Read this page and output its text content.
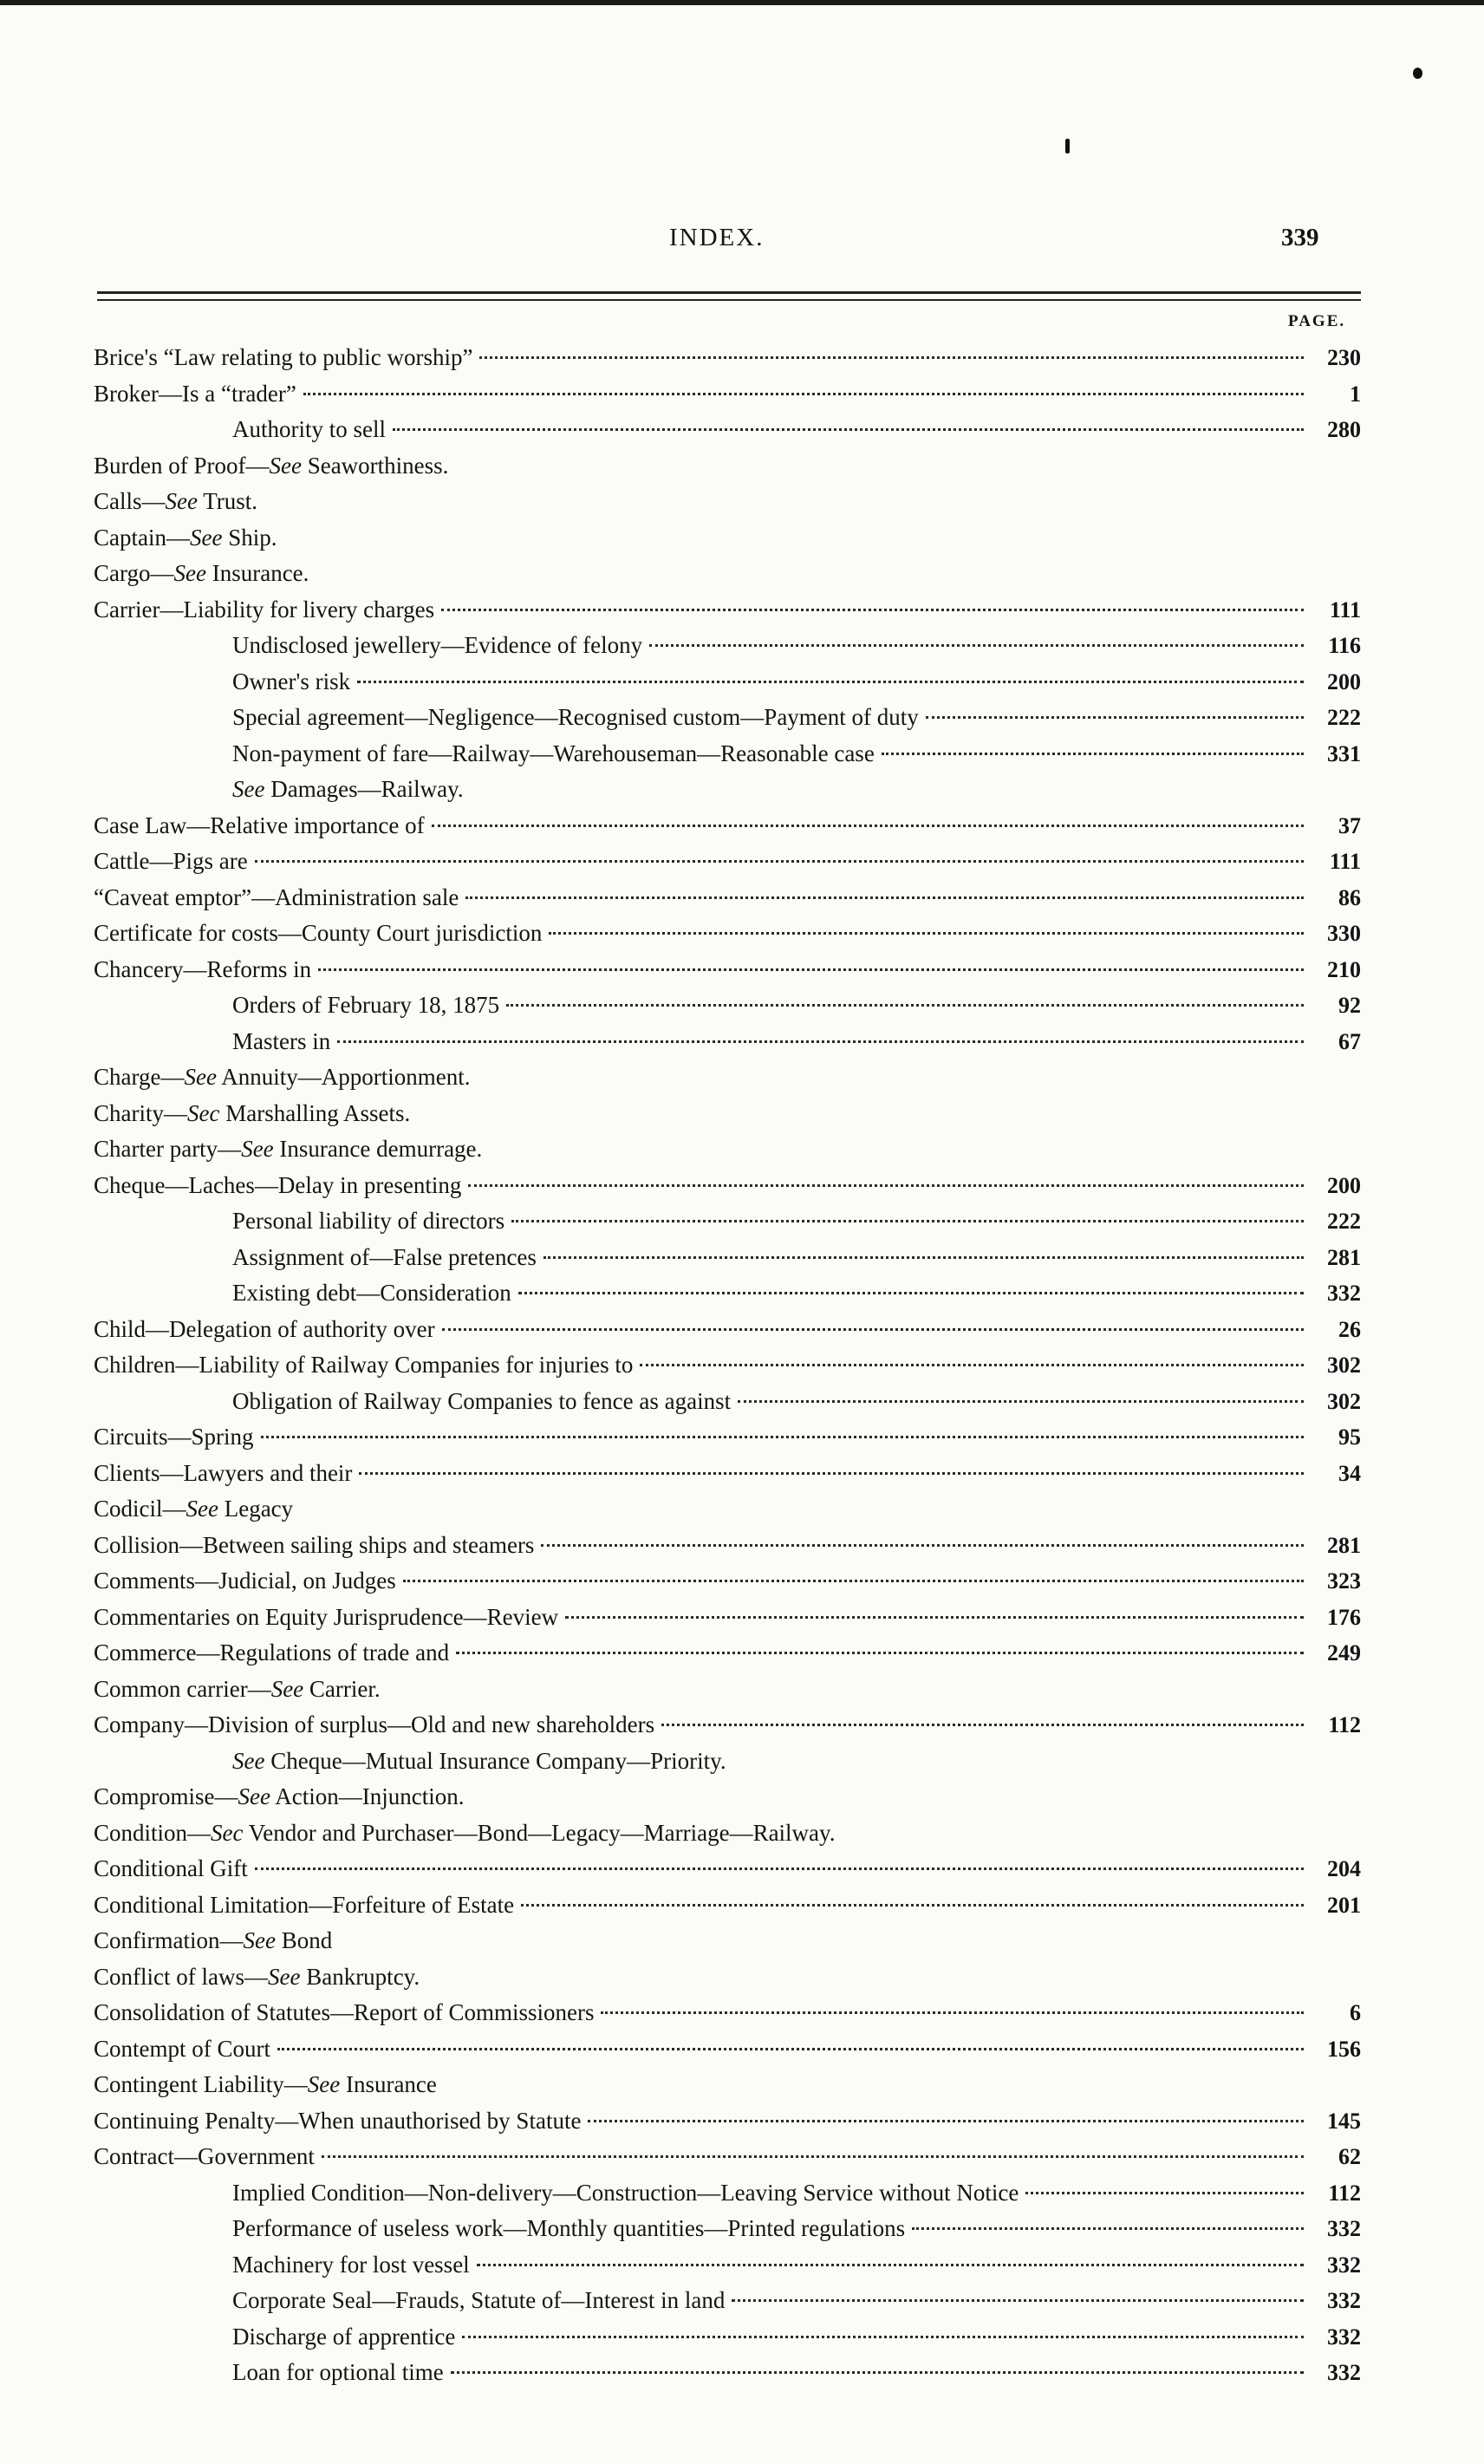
INDEX.	339
PAGE.
Brice's “Law relating to public worship”	230
Broker—Is a “trader”	1
Authority to sell	280
Burden of Proof—See Seaworthiness.
Calls—See Trust.
Captain—See Ship.
Cargo—See Insurance.
Carrier—Liability for livery charges	111
Undisclosed jewellery—Evidence of felony	116
Owner's risk	200
Special agreement—Negligence—Recognised custom—Payment of duty	222
Non-payment of fare—Railway—Warehouseman—Reasonable case	331
See Damages—Railway.
Case Law—Relative importance of	37
Cattle—Pigs are	111
“Caveat emptor”—Administration sale	86
Certificate for costs—County Court jurisdiction	330
Chancery—Reforms in	210
Orders of February 18, 1875	92
Masters in	67
Charge—See Annuity—Apportionment.
Charity—Sec Marshalling Assets.
Charter party—See Insurance demurrage.
Cheque—Laches—Delay in presenting	200
Personal liability of directors	222
Assignment of—False pretences	281
Existing debt—Consideration	332
Child—Delegation of authority over	26
Children—Liability of Railway Companies for injuries to	302
Obligation of Railway Companies to fence as against	302
Circuits—Spring	95
Clients—Lawyers and their	34
Codicil—See Legacy
Collision—Between sailing ships and steamers	281
Comments—Judicial, on Judges	323
Commentaries on Equity Jurisprudence—Review	176
Commerce—Regulations of trade and	249
Common carrier—See Carrier.
Company—Division of surplus—Old and new shareholders	112
See Cheque—Mutual Insurance Company—Priority.
Compromise—See Action—Injunction.
Condition—Sec Vendor and Purchaser—Bond—Legacy—Marriage—Railway.
Conditional Gift	204
Conditional Limitation—Forfeiture of Estate	201
Confirmation—See Bond
Conflict of laws—See Bankruptcy.
Consolidation of Statutes—Report of Commissioners	6
Contempt of Court	156
Contingent Liability—See Insurance
Continuing Penalty—When unauthorised by Statute	145
Contract—Government	62
Implied Condition—Non-delivery—Construction—Leaving Service without Notice	112
Performance of useless work—Monthly quantities—Printed regulations	332
Machinery for lost vessel	332
Corporate Seal—Frauds, Statute of—Interest in land	332
Discharge of apprentice	332
Loan for optional time	332
